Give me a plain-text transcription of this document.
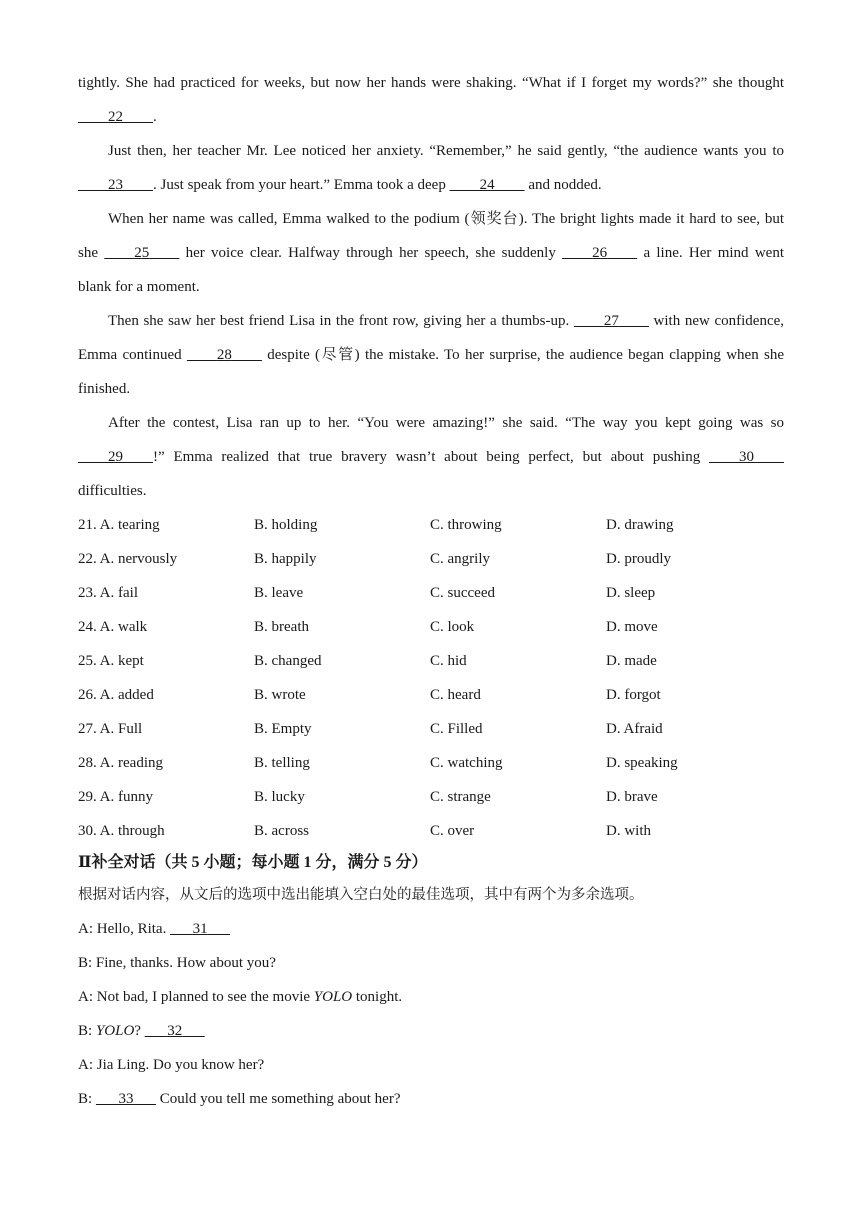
tightly. She had practiced for weeks, but now her hands were shaking. “What if I forget my words?” she thought
    22     .
Just then, her teacher Mr. Lee noticed her anxiety. “Remember,” he said gently, “the audience wants you to
    23     . Just speak from your heart.” Emma took a deep      24     and nodded.
When her name was called, Emma walked to the podium (领奖台). The bright lights made it hard to see, but
she      25     her voice clear. Halfway through her speech, she suddenly      26     a line. Her mind went
blank for a moment.
Then she saw her best friend Lisa in the front row, giving her a thumbs-up.      27     with new confidence,
Emma continued      28     despite (尽管) the mistake. To her surprise, the audience began clapping when she
finished.
After the contest, Lisa ran up to her. “You were amazing!” she said. “The way you kept going was so
    29     !” Emma realized that true bravery wasn’t about being perfect, but about pushing     	30    
difficulties.
21. A. tearing	B. holding	C. throwing	D. drawing
22. A. nervously	B. happily	C. angrily	D. proudly
23. A. fail	B. leave	C. succeed	D. sleep
24. A. walk	B. breath	C. look	D. move
25. A. kept	B. changed	C. hid	D. made
26. A. added	B. wrote	C. heard	D. forgot
27. A. Full	B. Empty	C. Filled	D. Afraid
28. A. reading	B. telling	C. watching	D. speaking
29. A. funny	B. lucky	C. strange	D. brave
30. A. through	B. across	C. over	D. with
Ⅱ补全对话（共 5 小题；每小题 1 分，满分 5 分）
根据对话内容，从文后的选项中选出能填入空白处的最佳选项，其中有两个为多余选项。
A: Hello, Rita.     31   
B: Fine, thanks. How about you?
A: Not bad, I planned to see the movie YOLO tonight.
B: YOLO?     32   
A: Jia Ling. Do you know her?
B:     33    Could you tell me something about her?
